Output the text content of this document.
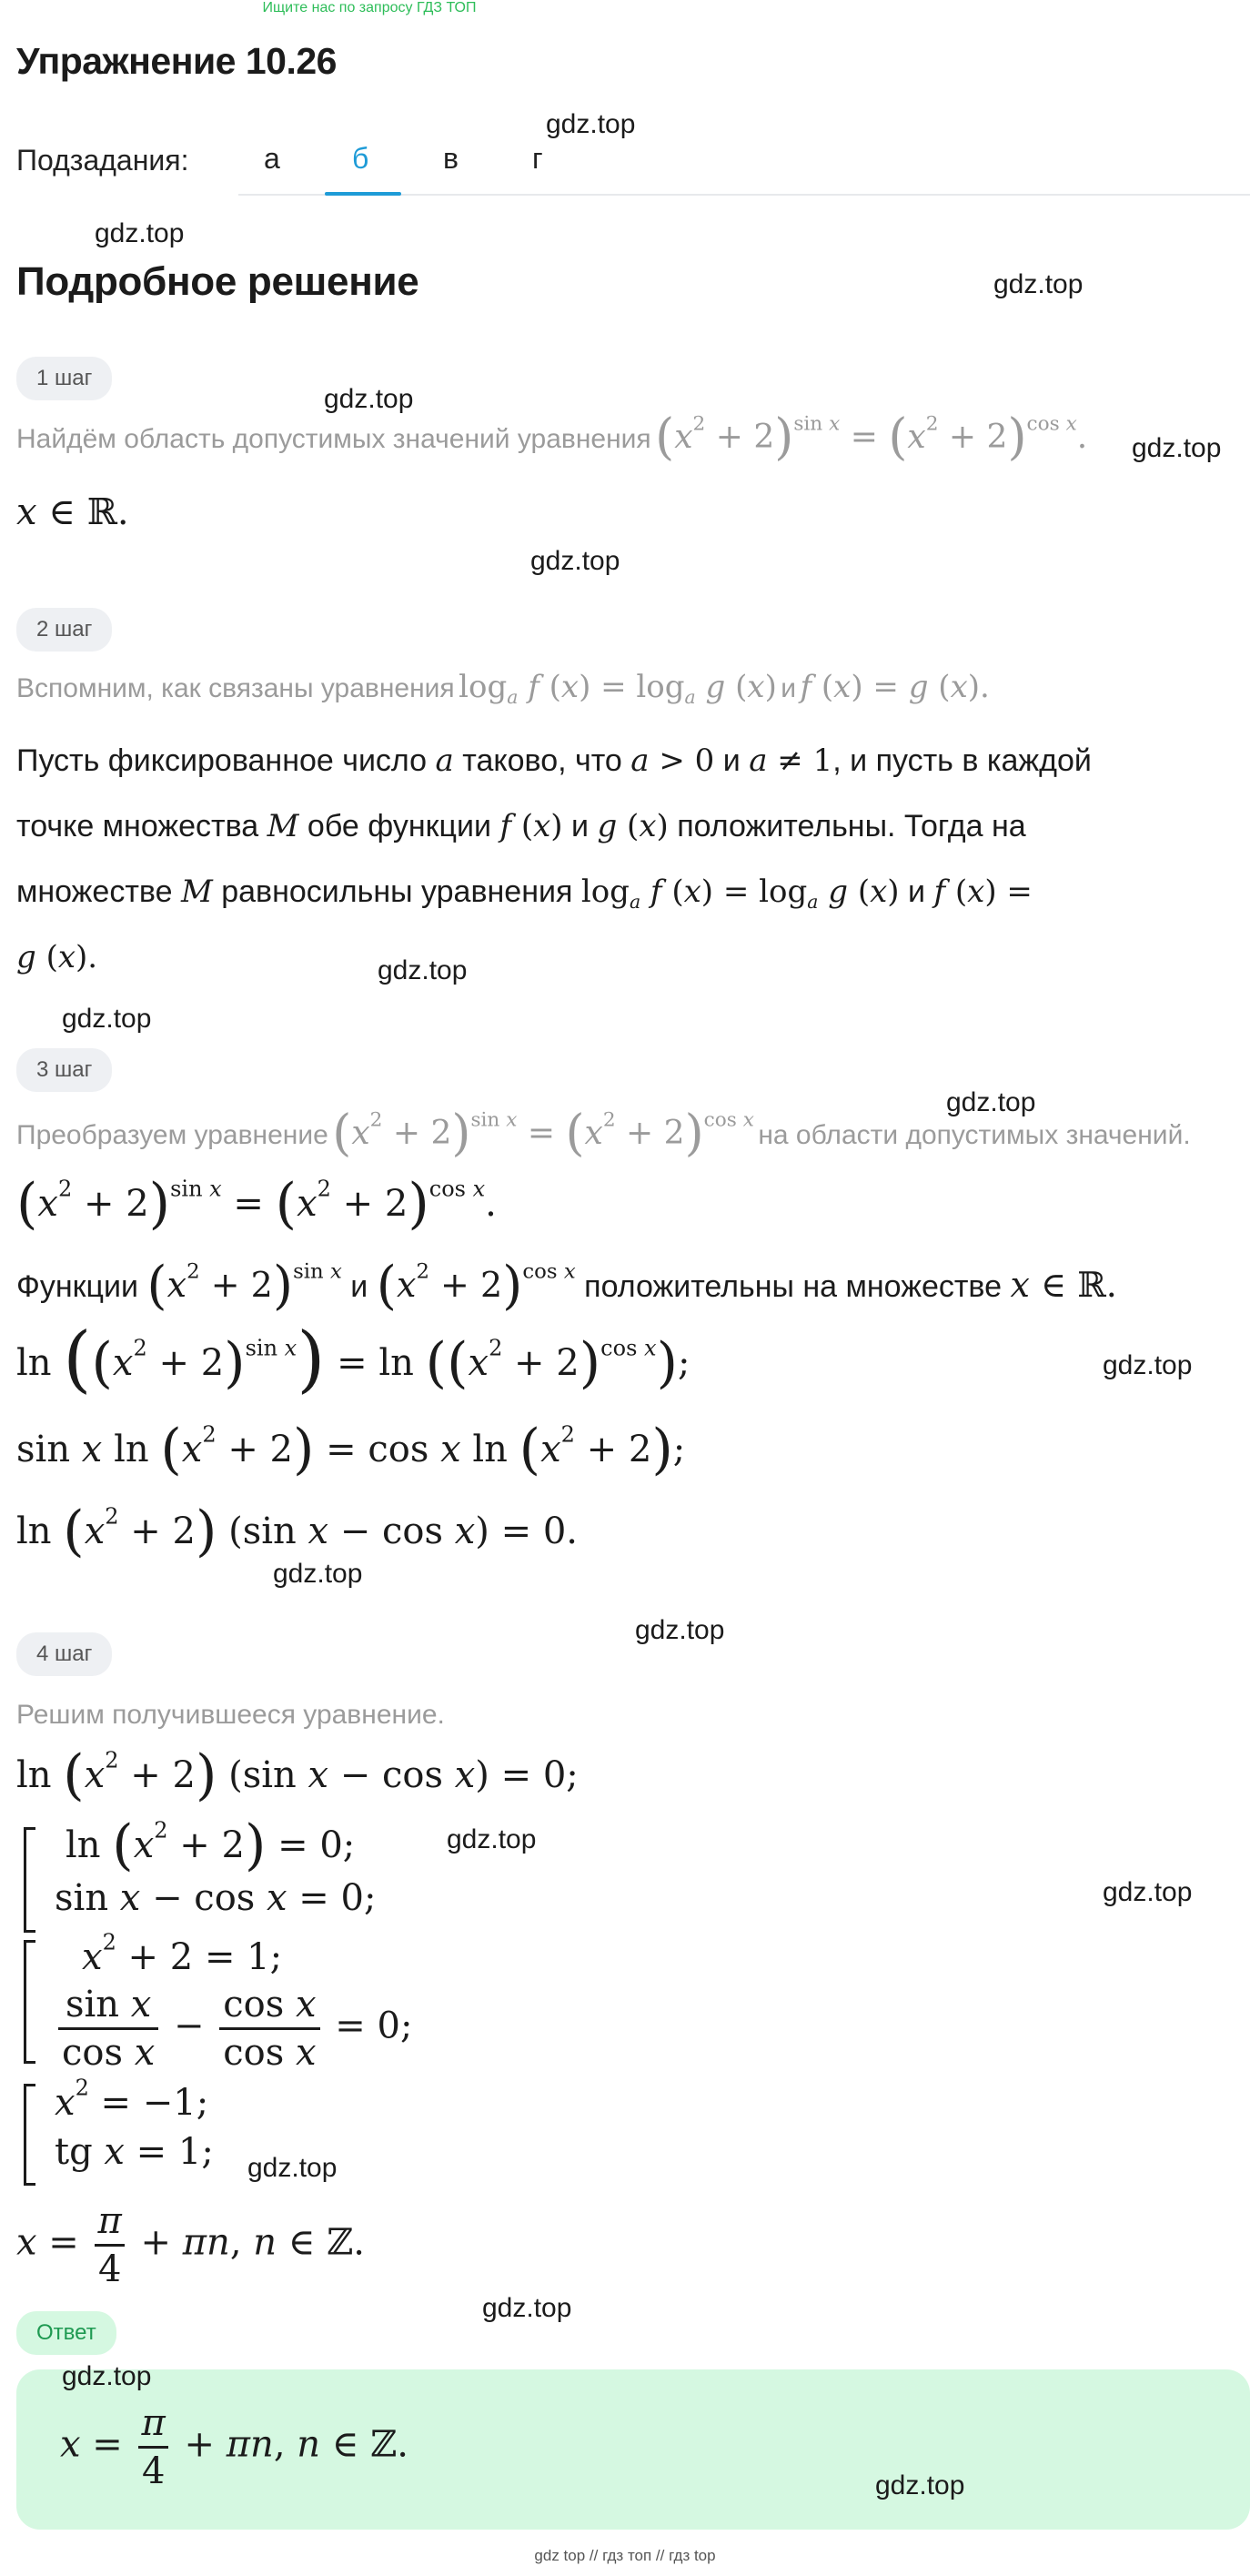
Ищите нас по запросу ГДЗ ТОП
Упражнение 10.26
Подзадания:	а б	в	г
Подробное решение
1 шаг
Найдём область допустимых значений уравнения $(x^2 + 2)^{sin x} = (x^2 + 2)^{cos x}$.
x ∈ ℝ.
2 шаг
Вспомним, как связаны уравнения $\log_a f$ $(x) = \log_a g$ (x) и f (x) = g (x).
Пусть фиксированное число a таково, что a > 0 и a ≠ 1, и пусть в каждой
точке множества M обе функции f (x) и g (x) положительны. Тогда на
множестве M равносильны уравнения $\log_a f$ $(x) = \log_a g$ (x) и f (x) =
g (x).
3 шаг
Преобразуем уравнение $(x^2 + 2)^{sin x} = (x^2 + 2)^{cos x}$ на области допустимых значений.
$(x^2 + 2)^{sin x} = (x^2 + 2)^{cos x}$.
Функции $(x^2 + 2)^{sin x}$ и $(x^2 + 2)^{cos x}$ положительны на множестве x ∈ ℝ.
$\ln ((x^2 + 2)^{sin x}) = \ln ((x^2 + 2)^{cos x})$;
sin x $\ln (x^2 + 2) = \cos x$ $\ln (x^2 + 2)$;
$\ln (x^2 + 2)$ (sin x − cos x) = 0.
4 шаг
Решим получившееся уравнение.
$\ln (x^2 + 2)$ (sin x − cos x) = 0;
$\ln (x^2 + 2) = 0$;
sin x − cos x = 0;
$x^2 + 2 = 1$;
$\frac{\text{sin x}}{\text{cos x}} - \frac{\text{cos x}}{\text{cos x}} = 0$;
$x^2 = -1$;
tg x = 1;
$x = \frac{\pi}{4} + \pi n$, n ∈ ℤ.
Ответ
$x = \frac{\pi}{4} + \pi n$, n ∈ ℤ.
gdz.top
gdz.top
gdz.top
gdz.top
gdz.top
gdz.top
gdz.top
gdz.top
gdz.top
gdz.top
gdz.top
gdz.top
gdz.top
gdz.top
gdz.top
gdz.top
gdz.top
gdz.top
gdz top // гдз топ // гдз top
